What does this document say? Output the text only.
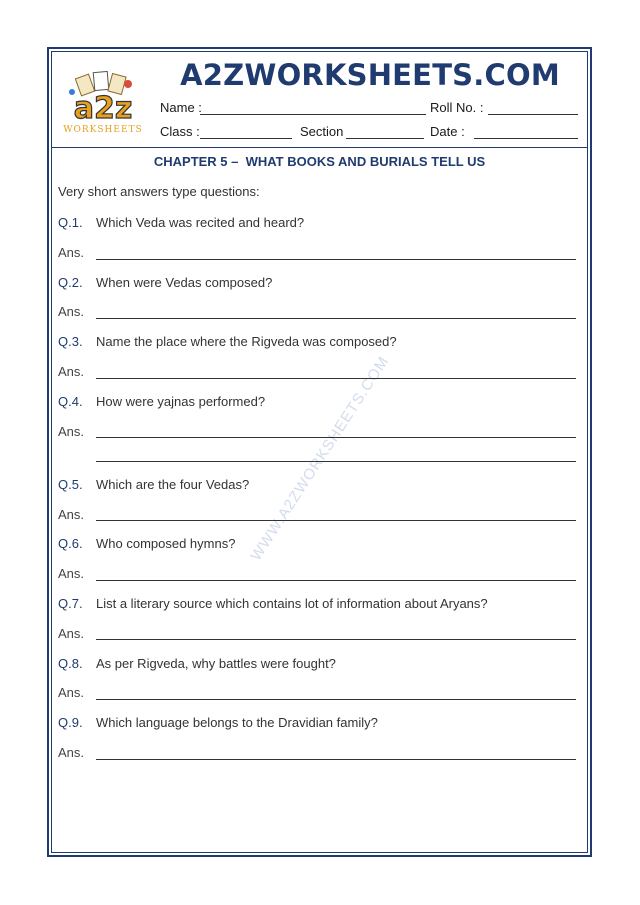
a2z
WORKSHEETS
A2ZWORKSHEETS.COM
Name :	Roll No. :
Class :	Section	Date :
CHAPTER 5 –  WHAT BOOKS AND BURIALS TELL US
Very short answers type questions:
WWW.A2ZWORKSHEETS.COM
Q.1. Which Veda was recited and heard?
Ans.
Q.2. When were Vedas composed?
Ans.
Q.3. Name the place where the Rigveda was composed?
Ans.
Q.4. How were yajnas performed?
Ans.
Q.5. Which are the four Vedas?
Ans.
Q.6. Who composed hymns?
Ans.
Q.7. List a literary source which contains lot of information about Aryans?
Ans.
Q.8. As per Rigveda, why battles were fought?
Ans.
Q.9. Which language belongs to the Dravidian family?
Ans.
